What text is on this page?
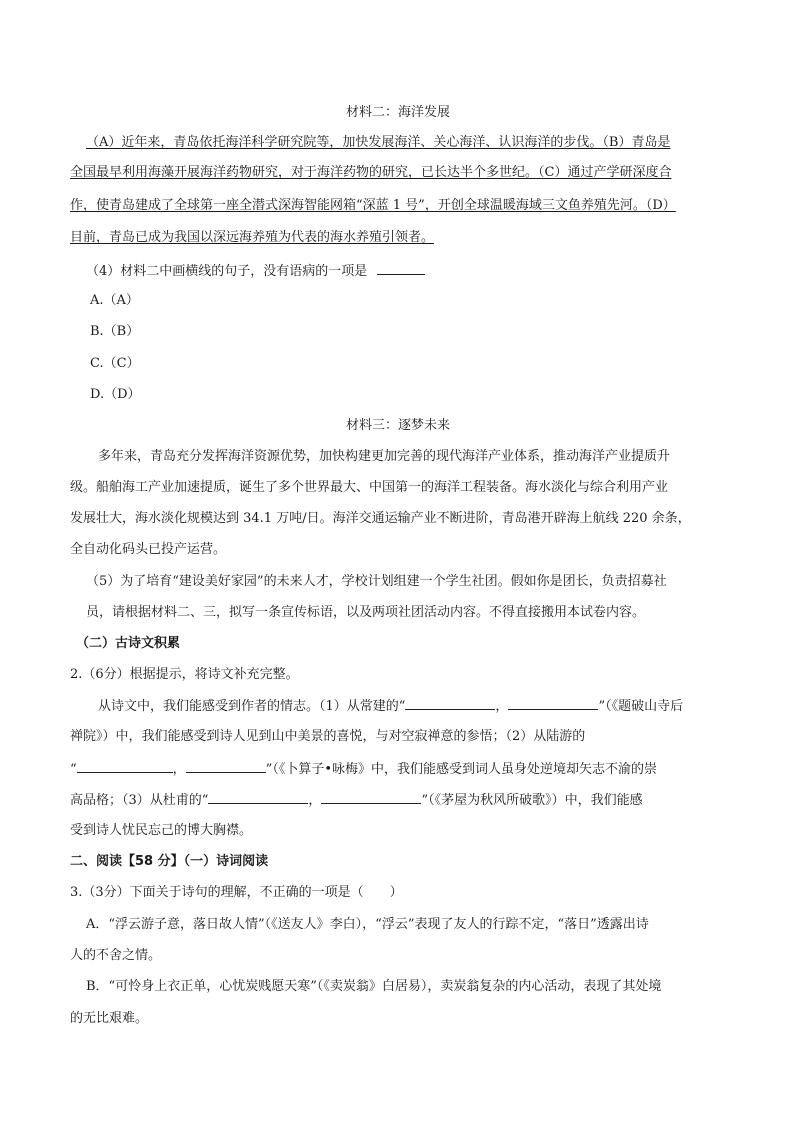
材料二：海洋发展
（A）近年来，青岛依托海洋科学研究院等，加快发展海洋、关心海洋、认识海洋的步伐。（B）青岛是
全国最早利用海藻开展海洋药物研究，对于海洋药物的研究，已长达半个多世纪。（C）通过产学研深度合
作，使青岛建成了全球第一座全潜式深海智能网箱“深蓝 1 号”，开创全球温暖海域三文鱼养殖先河。（D）
目前，青岛已成为我国以深远海养殖为代表的海水养殖引领者。
（4）材料二中画横线的句子，没有语病的一项是
A.（A）
B.（B）
C.（C）
D.（D）
材料三：逐梦未来
多年来，青岛充分发挥海洋资源优势，加快构建更加完善的现代海洋产业体系，推动海洋产业提质升
级。船舶海工产业加速提质，诞生了多个世界最大、中国第一的海洋工程装备。海水淡化与综合利用产业
发展壮大，海水淡化规模达到 34.1 万吨/日。海洋交通运输产业不断进阶，青岛港开辟海上航线 220 余条，
全自动化码头已投产运营。
（5）为了培育“建设美好家园”的未来人才，学校计划组建一个学生社团。假如你是团长，负责招募社
员，请根据材料二、三，拟写一条宣传标语，以及两项社团活动内容。不得直接搬用本试卷内容。
（二）古诗文积累
2.（6分）根据提示，将诗文补充完整。
从诗文中，我们能感受到作者的情志。（1）从常建的“	，	”（《题破山寺后
禅院》）中，我们能感受到诗人见到山中美景的喜悦，与对空寂禅意的参悟；（2）从陆游的
“	，	”（《卜算子•咏梅》中，我们能感受到词人虽身处逆境却矢志不渝的崇
高品格；（3）从杜甫的“	，	”（《茅屋为秋风所破歌》）中，我们能感
受到诗人忧民忘己的博大胸襟。
二、阅读【58 分】（一）诗词阅读
3.（3分）下面关于诗句的理解，不正确的一项是（　　）
A．“浮云游子意，落日故人情”（《送友人》李白），“浮云”表现了友人的行踪不定，“落日”透露出诗
人的不舍之情。
B．“可怜身上衣正单，心忧炭贱愿天寒”（《卖炭翁》白居易），卖炭翁复杂的内心活动，表现了其处境
的无比艰难。
